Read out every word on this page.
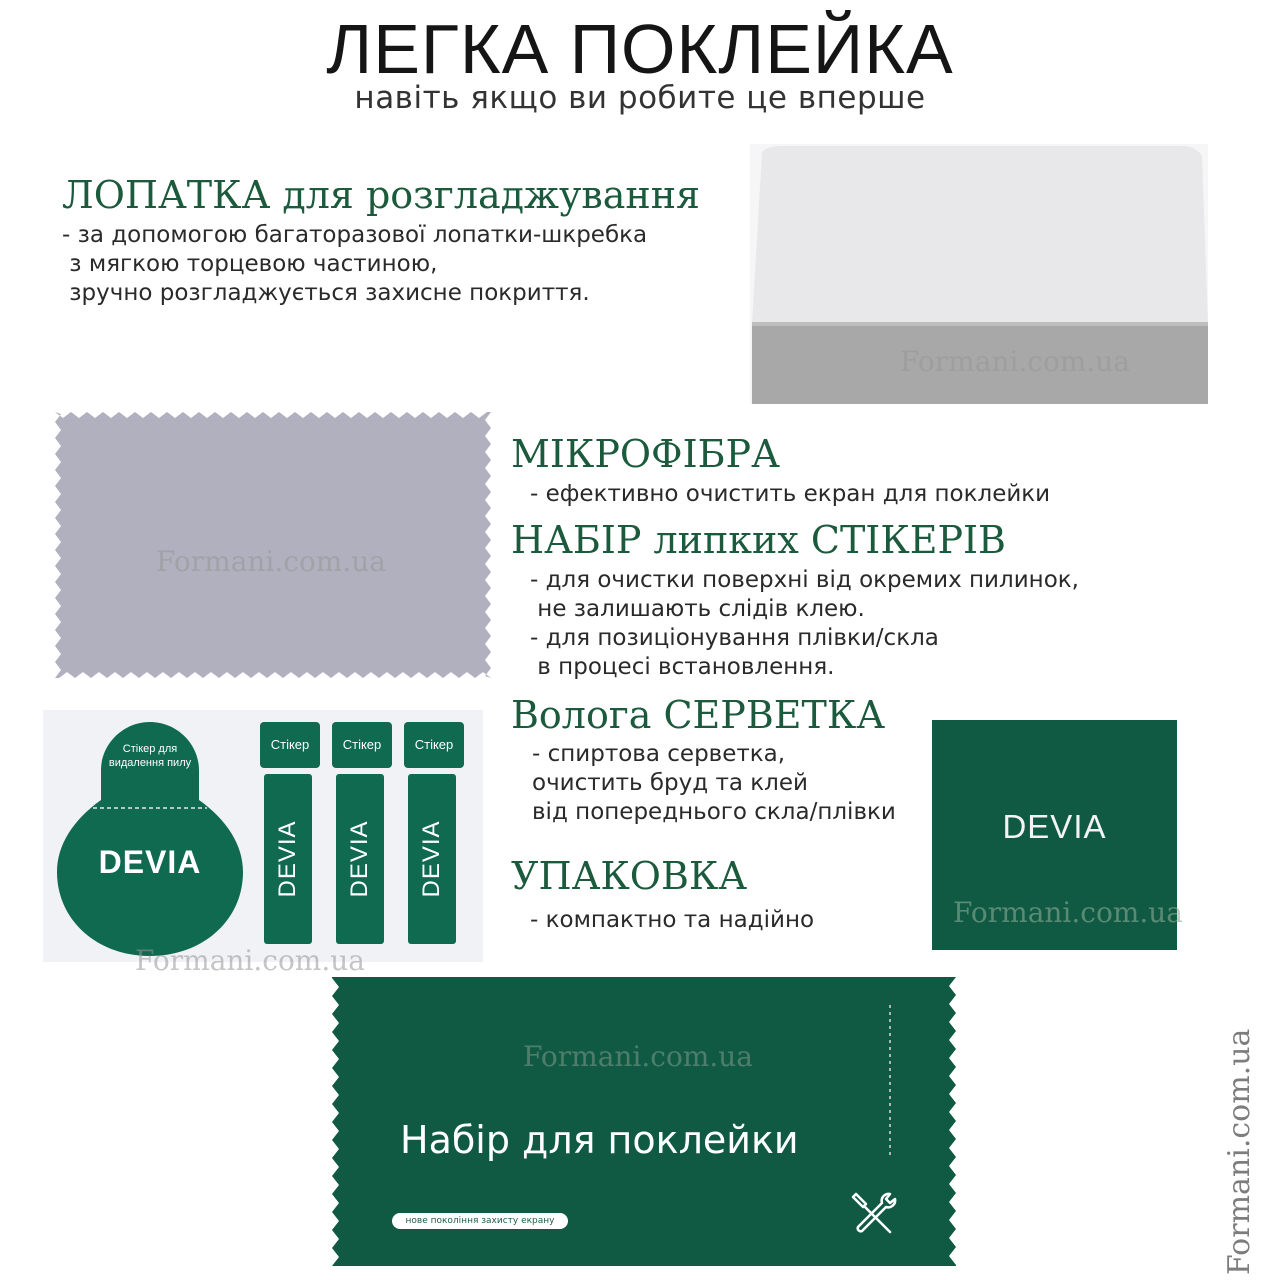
ЛЕГКА ПОКЛЕЙКА
навіть якщо ви робите це вперше
ЛОПАТКА для розгладжування
- за допомогою багаторазової лопатки-шкребка
з мягкою торцевою частиною,
зручно розгладжується захисне покриття.
Formani.com.ua
Formani.com.ua
МІКРОФІБРА
- ефективно очистить екран для поклейки
НАБІР липких СТІКЕРІВ
- для очистки поверхні від окремих пилинок,
не залишають слідів клею.
- для позиціонування плівки/скла
в процесі встановлення.
Волога СЕРВЕТКА
- спиртова серветка,
очистить бруд та клей
від попереднього скла/плівки
УПАКОВКА
- компактно та надійно
Стікер для
видалення пилу
DEVIA
Стікер	Стікер	Стікер
DEVIA	DEVIA	DEVIA
Formani.com.ua
DEVIA
Formani.com.ua
Formani.com.ua
Набір для поклейки
нове покоління захисту екрану	Formani.com.ua
